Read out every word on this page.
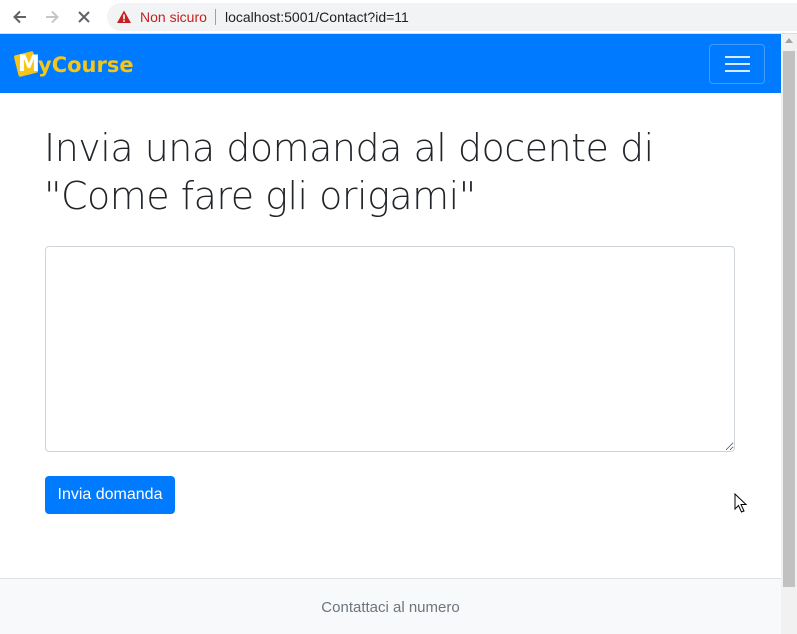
Non sicuro localhost:5001/Contact?id=11
M
yCourse
Invia una domanda al docente di "Come fare gli origami"
Invia domanda
Contattaci al numero
